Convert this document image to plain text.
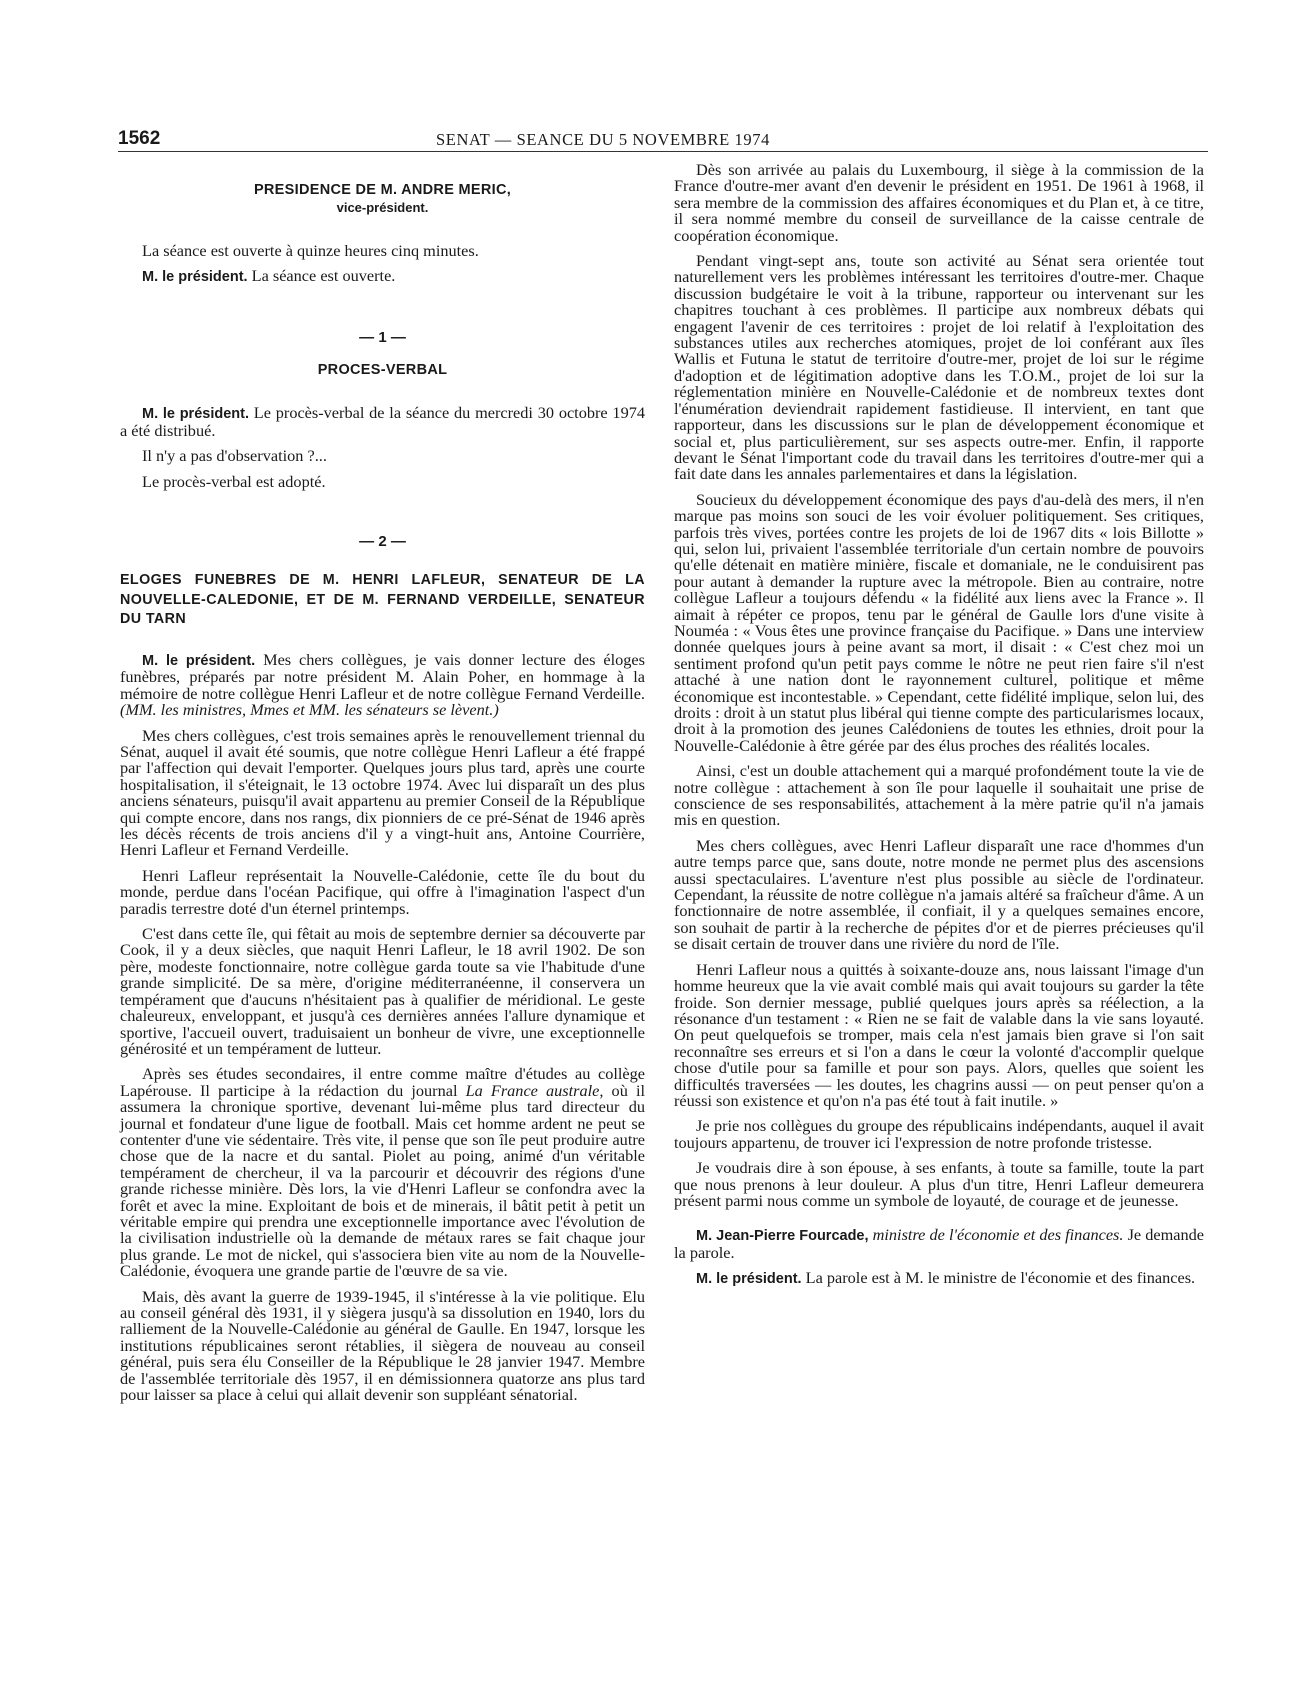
1562	SENAT — SEANCE DU 5 NOVEMBRE 1974

PRESIDENCE DE M. ANDRE MERIC,

vice-président.

La séance est ouverte à quinze heures cinq minutes.

M. le président. La séance est ouverte.

— 1 —

PROCES-VERBAL

M. le président. Le procès-verbal de la séance du mercredi 30 octobre 1974 a été distribué.

Il n'y a pas d'observation ?...

Le procès-verbal est adopté.

— 2 —

ELOGES FUNEBRES DE M. HENRI LAFLEUR, SENATEUR DE LA NOUVELLE-CALEDONIE, ET DE M. FERNAND VERDEILLE, SENATEUR DU TARN

M. le président. Mes chers collègues, je vais donner lecture des éloges funèbres, préparés par notre président M. Alain Poher, en hommage à la mémoire de notre collègue Henri Lafleur et de notre collègue Fernand Verdeille. (MM. les ministres, Mmes et MM. les sénateurs se lèvent.)

Mes chers collègues, c'est trois semaines après le renouvellement triennal du Sénat, auquel il avait été soumis, que notre collègue Henri Lafleur a été frappé par l'affection qui devait l'emporter. Quelques jours plus tard, après une courte hospitalisation, il s'éteignait, le 13 octobre 1974. Avec lui disparaît un des plus anciens sénateurs, puisqu'il avait appartenu au premier Conseil de la République qui compte encore, dans nos rangs, dix pionniers de ce pré-Sénat de 1946 après les décès récents de trois anciens d'il y a vingt-huit ans, Antoine Courrière, Henri Lafleur et Fernand Verdeille.

Henri Lafleur représentait la Nouvelle-Calédonie, cette île du bout du monde, perdue dans l'océan Pacifique, qui offre à l'imagination l'aspect d'un paradis terrestre doté d'un éternel printemps.

C'est dans cette île, qui fêtait au mois de septembre dernier sa découverte par Cook, il y a deux siècles, que naquit Henri Lafleur, le 18 avril 1902. De son père, modeste fonctionnaire, notre collègue garda toute sa vie l'habitude d'une grande simplicité. De sa mère, d'origine méditerranéenne, il conservera un tempérament que d'aucuns n'hésitaient pas à qualifier de méridional. Le geste chaleureux, enveloppant, et jusqu'à ces dernières années l'allure dynamique et sportive, l'accueil ouvert, traduisaient un bonheur de vivre, une exceptionnelle générosité et un tempérament de lutteur.

Après ses études secondaires, il entre comme maître d'études au collège Lapérouse. Il participe à la rédaction du journal La France australe, où il assumera la chronique sportive, devenant lui-même plus tard directeur du journal et fondateur d'une ligue de football. Mais cet homme ardent ne peut se contenter d'une vie sédentaire. Très vite, il pense que son île peut produire autre chose que de la nacre et du santal. Piolet au poing, animé d'un véritable tempérament de chercheur, il va la parcourir et découvrir des régions d'une grande richesse minière. Dès lors, la vie d'Henri Lafleur se confondra avec la forêt et avec la mine. Exploitant de bois et de minerais, il bâtit petit à petit un véritable empire qui prendra une exceptionnelle importance avec l'évolution de la civilisation industrielle où la demande de métaux rares se fait chaque jour plus grande. Le mot de nickel, qui s'associera bien vite au nom de la Nouvelle-Calédonie, évoquera une grande partie de l'œuvre de sa vie.

Mais, dès avant la guerre de 1939-1945, il s'intéresse à la vie politique. Elu au conseil général dès 1931, il y siègera jusqu'à sa dissolution en 1940, lors du ralliement de la Nouvelle-Calédonie au général de Gaulle. En 1947, lorsque les institutions républicaines seront rétablies, il siègera de nouveau au conseil général, puis sera élu Conseiller de la République le 28 janvier 1947. Membre de l'assemblée territoriale dès 1957, il en démissionnera quatorze ans plus tard pour laisser sa place à celui qui allait devenir son suppléant sénatorial.

Dès son arrivée au palais du Luxembourg, il siège à la commission de la France d'outre-mer avant d'en devenir le président en 1951. De 1961 à 1968, il sera membre de la commission des affaires économiques et du Plan et, à ce titre, il sera nommé membre du conseil de surveillance de la caisse centrale de coopération économique.

Pendant vingt-sept ans, toute son activité au Sénat sera orientée tout naturellement vers les problèmes intéressant les territoires d'outre-mer. Chaque discussion budgétaire le voit à la tribune, rapporteur ou intervenant sur les chapitres touchant à ces problèmes. Il participe aux nombreux débats qui engagent l'avenir de ces territoires : projet de loi relatif à l'exploitation des substances utiles aux recherches atomiques, projet de loi conférant aux îles Wallis et Futuna le statut de territoire d'outre-mer, projet de loi sur le régime d'adoption et de légitimation adoptive dans les T.O.M., projet de loi sur la réglementation minière en Nouvelle-Calédonie et de nombreux textes dont l'énumération deviendrait rapidement fastidieuse. Il intervient, en tant que rapporteur, dans les discussions sur le plan de développement économique et social et, plus particulièrement, sur ses aspects outre-mer. Enfin, il rapporte devant le Sénat l'important code du travail dans les territoires d'outre-mer qui a fait date dans les annales parlementaires et dans la législation.

Soucieux du développement économique des pays d'au-delà des mers, il n'en marque pas moins son souci de les voir évoluer politiquement. Ses critiques, parfois très vives, portées contre les projets de loi de 1967 dits « lois Billotte » qui, selon lui, privaient l'assemblée territoriale d'un certain nombre de pouvoirs qu'elle détenait en matière minière, fiscale et domaniale, ne le conduisirent pas pour autant à demander la rupture avec la métropole. Bien au contraire, notre collègue Lafleur a toujours défendu « la fidélité aux liens avec la France ». Il aimait à répéter ce propos, tenu par le général de Gaulle lors d'une visite à Nouméa : « Vous êtes une province française du Pacifique. » Dans une interview donnée quelques jours à peine avant sa mort, il disait : « C'est chez moi un sentiment profond qu'un petit pays comme le nôtre ne peut rien faire s'il n'est attaché à une nation dont le rayonnement culturel, politique et même économique est incontestable. » Cependant, cette fidélité implique, selon lui, des droits : droit à un statut plus libéral qui tienne compte des particularismes locaux, droit à la promotion des jeunes Calédoniens de toutes les ethnies, droit pour la Nouvelle-Calédonie à être gérée par des élus proches des réalités locales.

Ainsi, c'est un double attachement qui a marqué profondément toute la vie de notre collègue : attachement à son île pour laquelle il souhaitait une prise de conscience de ses responsabilités, attachement à la mère patrie qu'il n'a jamais mis en question.

Mes chers collègues, avec Henri Lafleur disparaît une race d'hommes d'un autre temps parce que, sans doute, notre monde ne permet plus des ascensions aussi spectaculaires. L'aventure n'est plus possible au siècle de l'ordinateur. Cependant, la réussite de notre collègue n'a jamais altéré sa fraîcheur d'âme. A un fonctionnaire de notre assemblée, il confiait, il y a quelques semaines encore, son souhait de partir à la recherche de pépites d'or et de pierres précieuses qu'il se disait certain de trouver dans une rivière du nord de l'île.

Henri Lafleur nous a quittés à soixante-douze ans, nous laissant l'image d'un homme heureux que la vie avait comblé mais qui avait toujours su garder la tête froide. Son dernier message, publié quelques jours après sa réélection, a la résonance d'un testament : « Rien ne se fait de valable dans la vie sans loyauté. On peut quelquefois se tromper, mais cela n'est jamais bien grave si l'on sait reconnaître ses erreurs et si l'on a dans le cœur la volonté d'accomplir quelque chose d'utile pour sa famille et pour son pays. Alors, quelles que soient les difficultés traversées — les doutes, les chagrins aussi — on peut penser qu'on a réussi son existence et qu'on n'a pas été tout à fait inutile. »

Je prie nos collègues du groupe des républicains indépendants, auquel il avait toujours appartenu, de trouver ici l'expression de notre profonde tristesse.

Je voudrais dire à son épouse, à ses enfants, à toute sa famille, toute la part que nous prenons à leur douleur. A plus d'un titre, Henri Lafleur demeurera présent parmi nous comme un symbole de loyauté, de courage et de jeunesse.

M. Jean-Pierre Fourcade, ministre de l'économie et des finances. Je demande la parole.

M. le président. La parole est à M. le ministre de l'économie et des finances.
